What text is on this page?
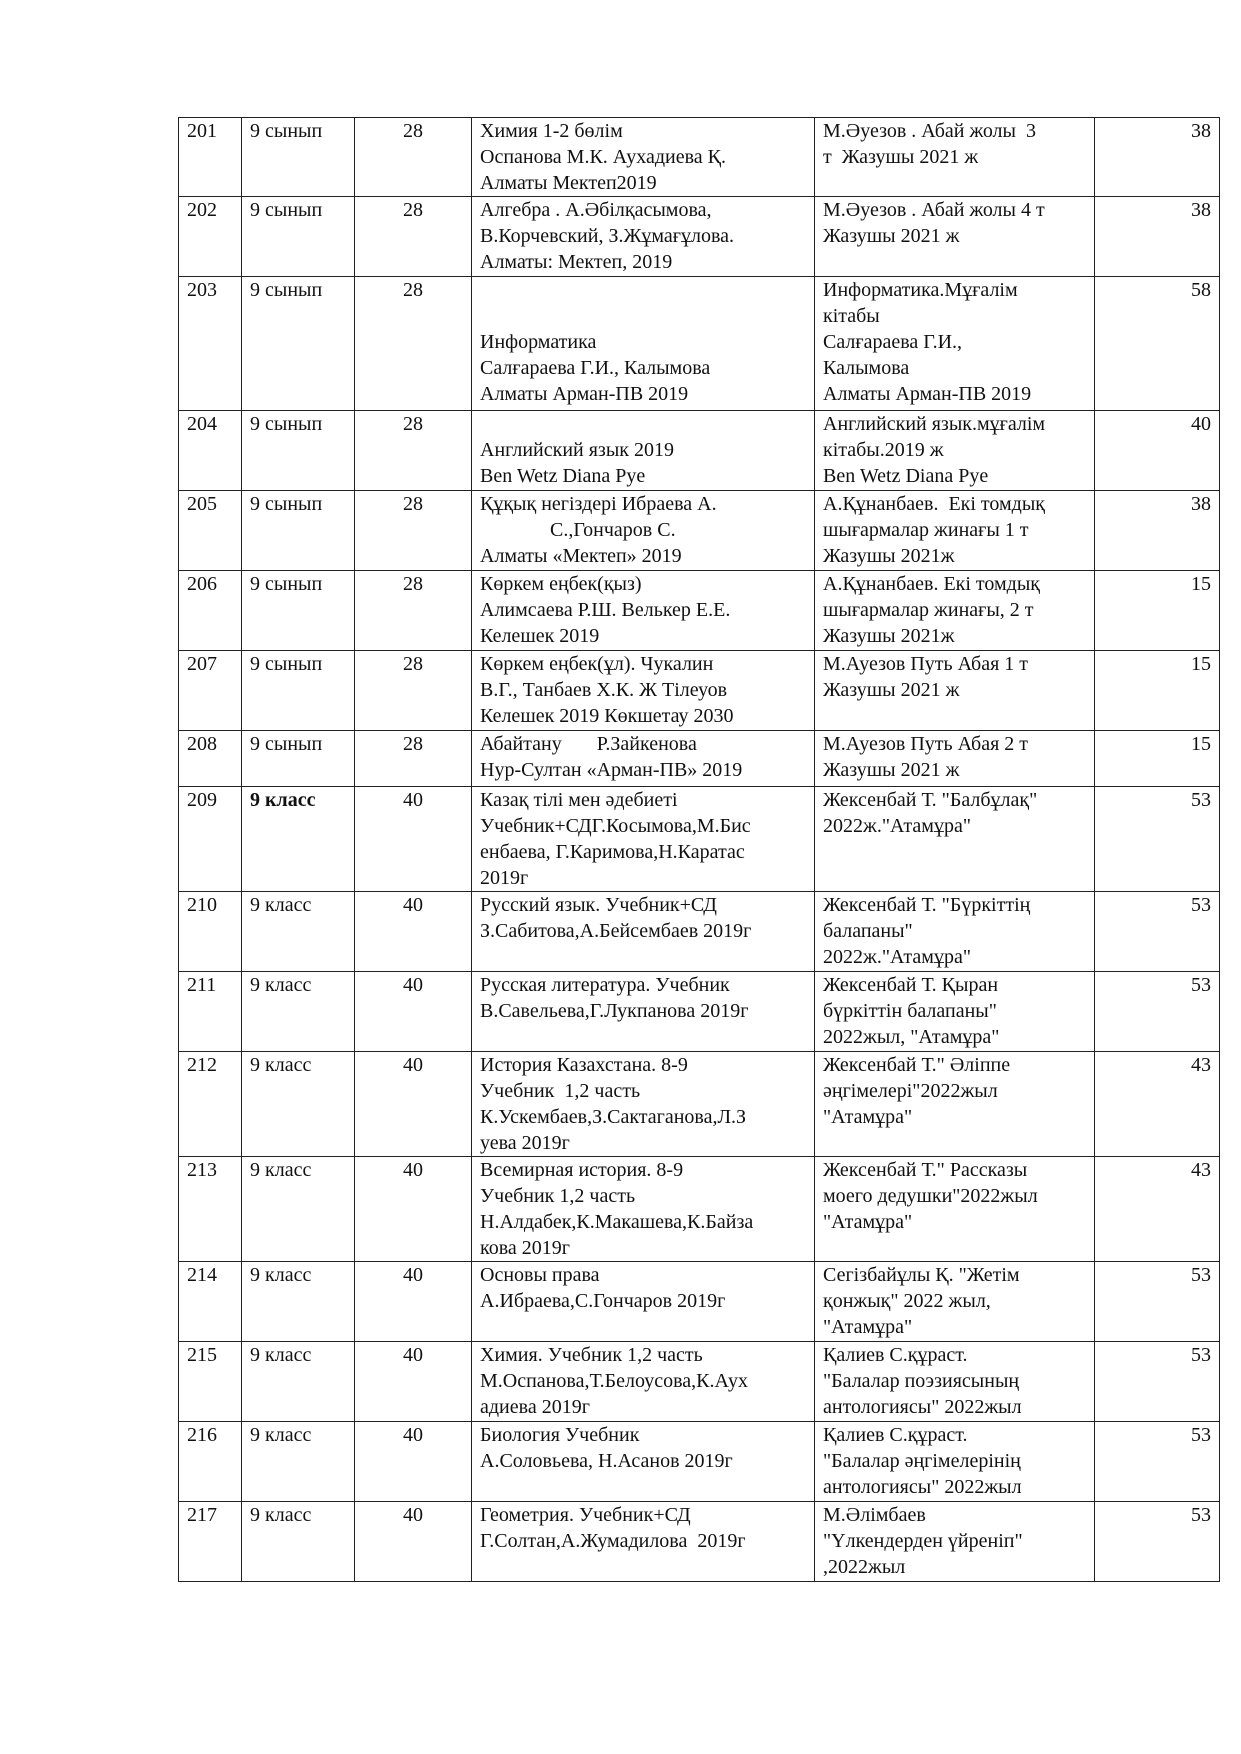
201	9 сынып	28	Химия 1-2 бөлім
Оспанова М.К. Аухадиева Қ.
Алматы Мектеп2019	М.Әуезов . Абай жолы  3
т  Жазушы 2021 ж	38
202	9 сынып	28	Алгебра . А.Әбілқасымова,
В.Корчевский, З.Жұмағұлова.
Алматы: Мектеп, 2019	М.Әуезов . Абай жолы 4 т
Жазушы 2021 ж	38
203	9 сынып	28	Информатика
Салғараева Г.И., Калымова
Алматы Арман-ПВ 2019	Информатика.Мұғалім
кітабы
Салғараева Г.И.,
Калымова
Алматы Арман-ПВ 2019	58
204	9 сынып	28	Английский язык 2019
Ben Wetz Diana Pye	Английский язык.мұғалім
кітабы.2019 ж
Ben Wetz Diana Pye	40
205	9 сынып	28	Құқық негіздері Ибраева А.
С.,Гончаров С.
Алматы «Мектеп» 2019	А.Құнанбаев.  Екі томдық
шығармалар жинағы 1 т
Жазушы 2021ж	38
206	9 сынып	28	Көркем еңбек(қыз)
Алимсаева Р.Ш. Велькер Е.Е.
Келешек 2019	А.Құнанбаев. Екі томдық
шығармалар жинағы, 2 т
Жазушы 2021ж	15
207	9 сынып	28	Көркем еңбек(ұл). Чукалин
В.Г., Танбаев Х.К. Ж Тілеуов
Келешек 2019 Көкшетау 2030	М.Ауезов Путь Абая 1 т
Жазушы 2021 ж	15
208	9 сынып	28	Абайтану       Р.Зайкенова
Нур-Султан «Арман-ПВ» 2019	М.Ауезов Путь Абая 2 т
Жазушы 2021 ж	15
209	9 класс	40	Казақ тілі мен әдебиеті
Учебник+СДГ.Косымова,М.Бис
енбаева, Г.Каримова,Н.Каратас
2019г	Жексенбай Т. "Балбұлақ"
2022ж."Атамұра"	53
210	9 класс	40	Русский язык. Учебник+СД
З.Сабитова,А.Бейсембаев 2019г	Жексенбай Т. "Бүркіттің
балапаны"
2022ж."Атамұра"	53
211	9 класс	40	Русская литература. Учебник
В.Савельева,Г.Лукпанова 2019г	Жексенбай Т. Қыран
бүркіттін балапаны"
2022жыл, "Атамұра"	53
212	9 класс	40	История Казахстана. 8-9
Учебник  1,2 часть
К.Ускембаев,З.Сактаганова,Л.З
уева 2019г	Жексенбай Т." Әліппе
әңгімелері"2022жыл
"Атамұра"	43
213	9 класс	40	Всемирная история. 8-9
Учебник 1,2 часть
Н.Алдабек,К.Макашева,К.Байза
кова 2019г	Жексенбай Т." Рассказы
моего дедушки"2022жыл
"Атамұра"	43
214	9 класс	40	Основы права
А.Ибраева,С.Гончаров 2019г	Сегізбайұлы Қ. "Жетім
қонжық" 2022 жыл,
"Атамұра"	53
215	9 класс	40	Химия. Учебник 1,2 часть
М.Оспанова,Т.Белоусова,К.Аух
адиева 2019г	Қалиев С.құраст.
"Балалар поэзиясының
антологиясы" 2022жыл	53
216	9 класс	40	Биология Учебник
А.Соловьева, Н.Асанов 2019г	Қалиев С.құраст.
"Балалар әңгімелерінің
антологиясы" 2022жыл	53
217	9 класс	40	Геометрия. Учебник+СД
Г.Солтан,А.Жумадилова  2019г	М.Әлімбаев
"Үлкендерден үйреніп"
,2022жыл	53
